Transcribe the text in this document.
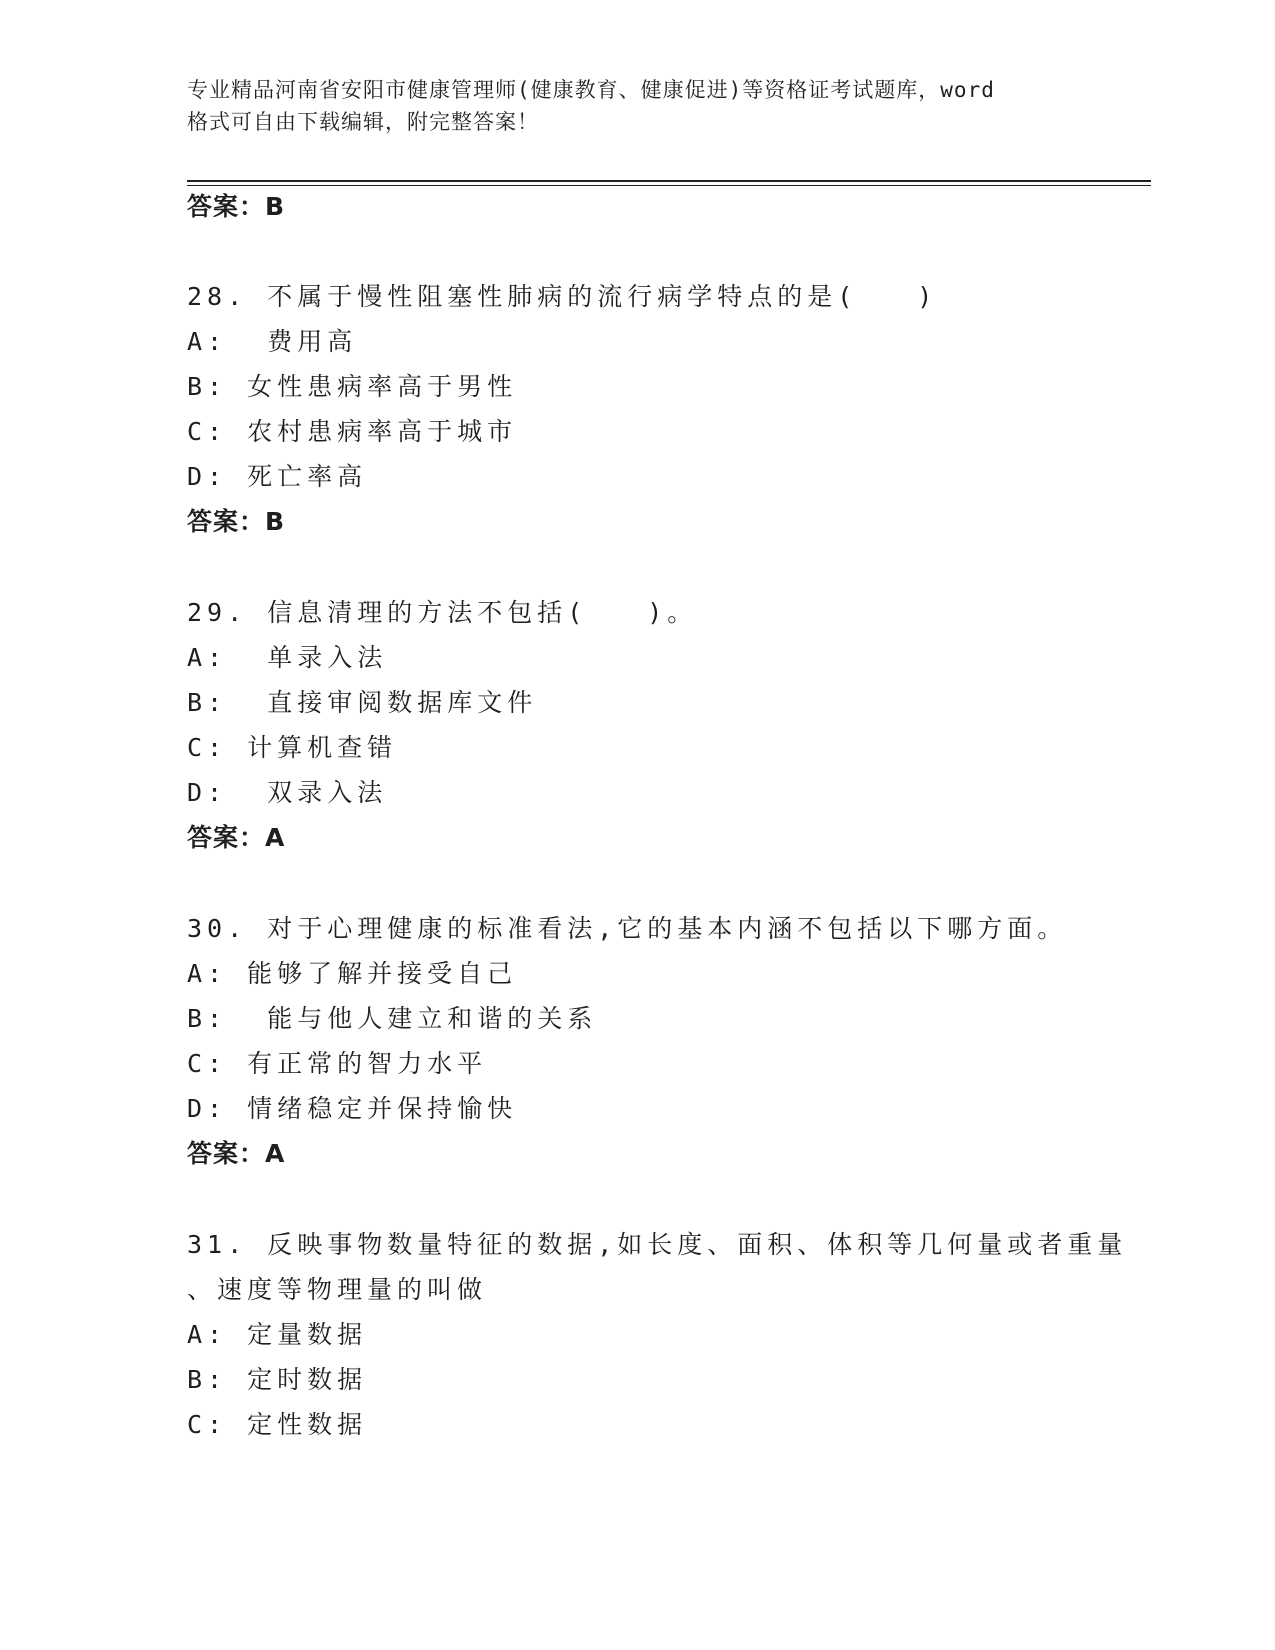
专业精品河南省安阳市健康管理师(健康教育、健康促进)等资格证考试题库，word
格式可自由下载编辑，附完整答案！
答案：B
28. 不属于慢性阻塞性肺病的流行病学特点的是(　　)
A:  费用高
B: 女性患病率高于男性
C: 农村患病率高于城市
D: 死亡率高
答案：B
29. 信息清理的方法不包括(　　)。
A:  单录入法
B:  直接审阅数据库文件
C: 计算机查错
D:  双录入法
答案：A
30. 对于心理健康的标准看法,它的基本内涵不包括以下哪方面。
A: 能够了解并接受自己
B:  能与他人建立和谐的关系
C: 有正常的智力水平
D: 情绪稳定并保持愉快
答案：A
31. 反映事物数量特征的数据,如长度、面积、体积等几何量或者重量
、速度等物理量的叫做
A: 定量数据
B: 定时数据
C: 定性数据
